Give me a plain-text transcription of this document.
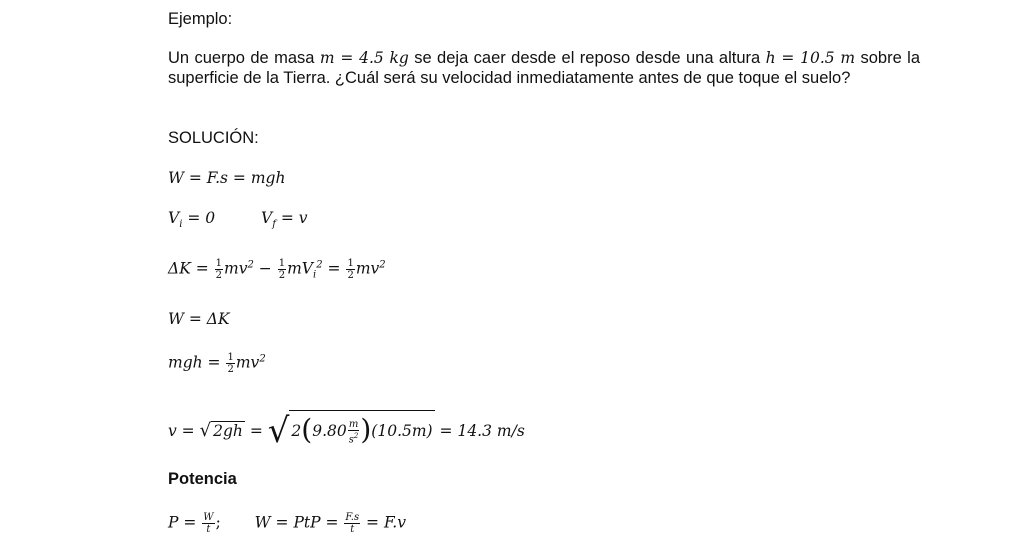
Ejemplo:
Un cuerpo de masa m = 4.5 kg se deja caer desde el reposo desde una altura h = 10.5 m sobre la superficie de la Tierra. ¿Cuál será su velocidad inmediatamente antes de que toque el suelo?
SOLUCIÓN:
W = F.s = mgh
$V_i = 0$	$V_f = v$
$\Delta K = \frac{1}{2} mv^2 - \frac{1}{2} mV_i^2 = \frac{1}{2} mv^2$
W = ΔK
mgh = $\frac{1}{2} mv^2$
v = √ 2gh = √ $2(9.80 \frac{m}{s^2} )(10.5m) = 14.3$ m/s
Potencia
$P = \frac{W}{t}$ ; W = PtP = $\frac{F.s}{t} = F.v$
